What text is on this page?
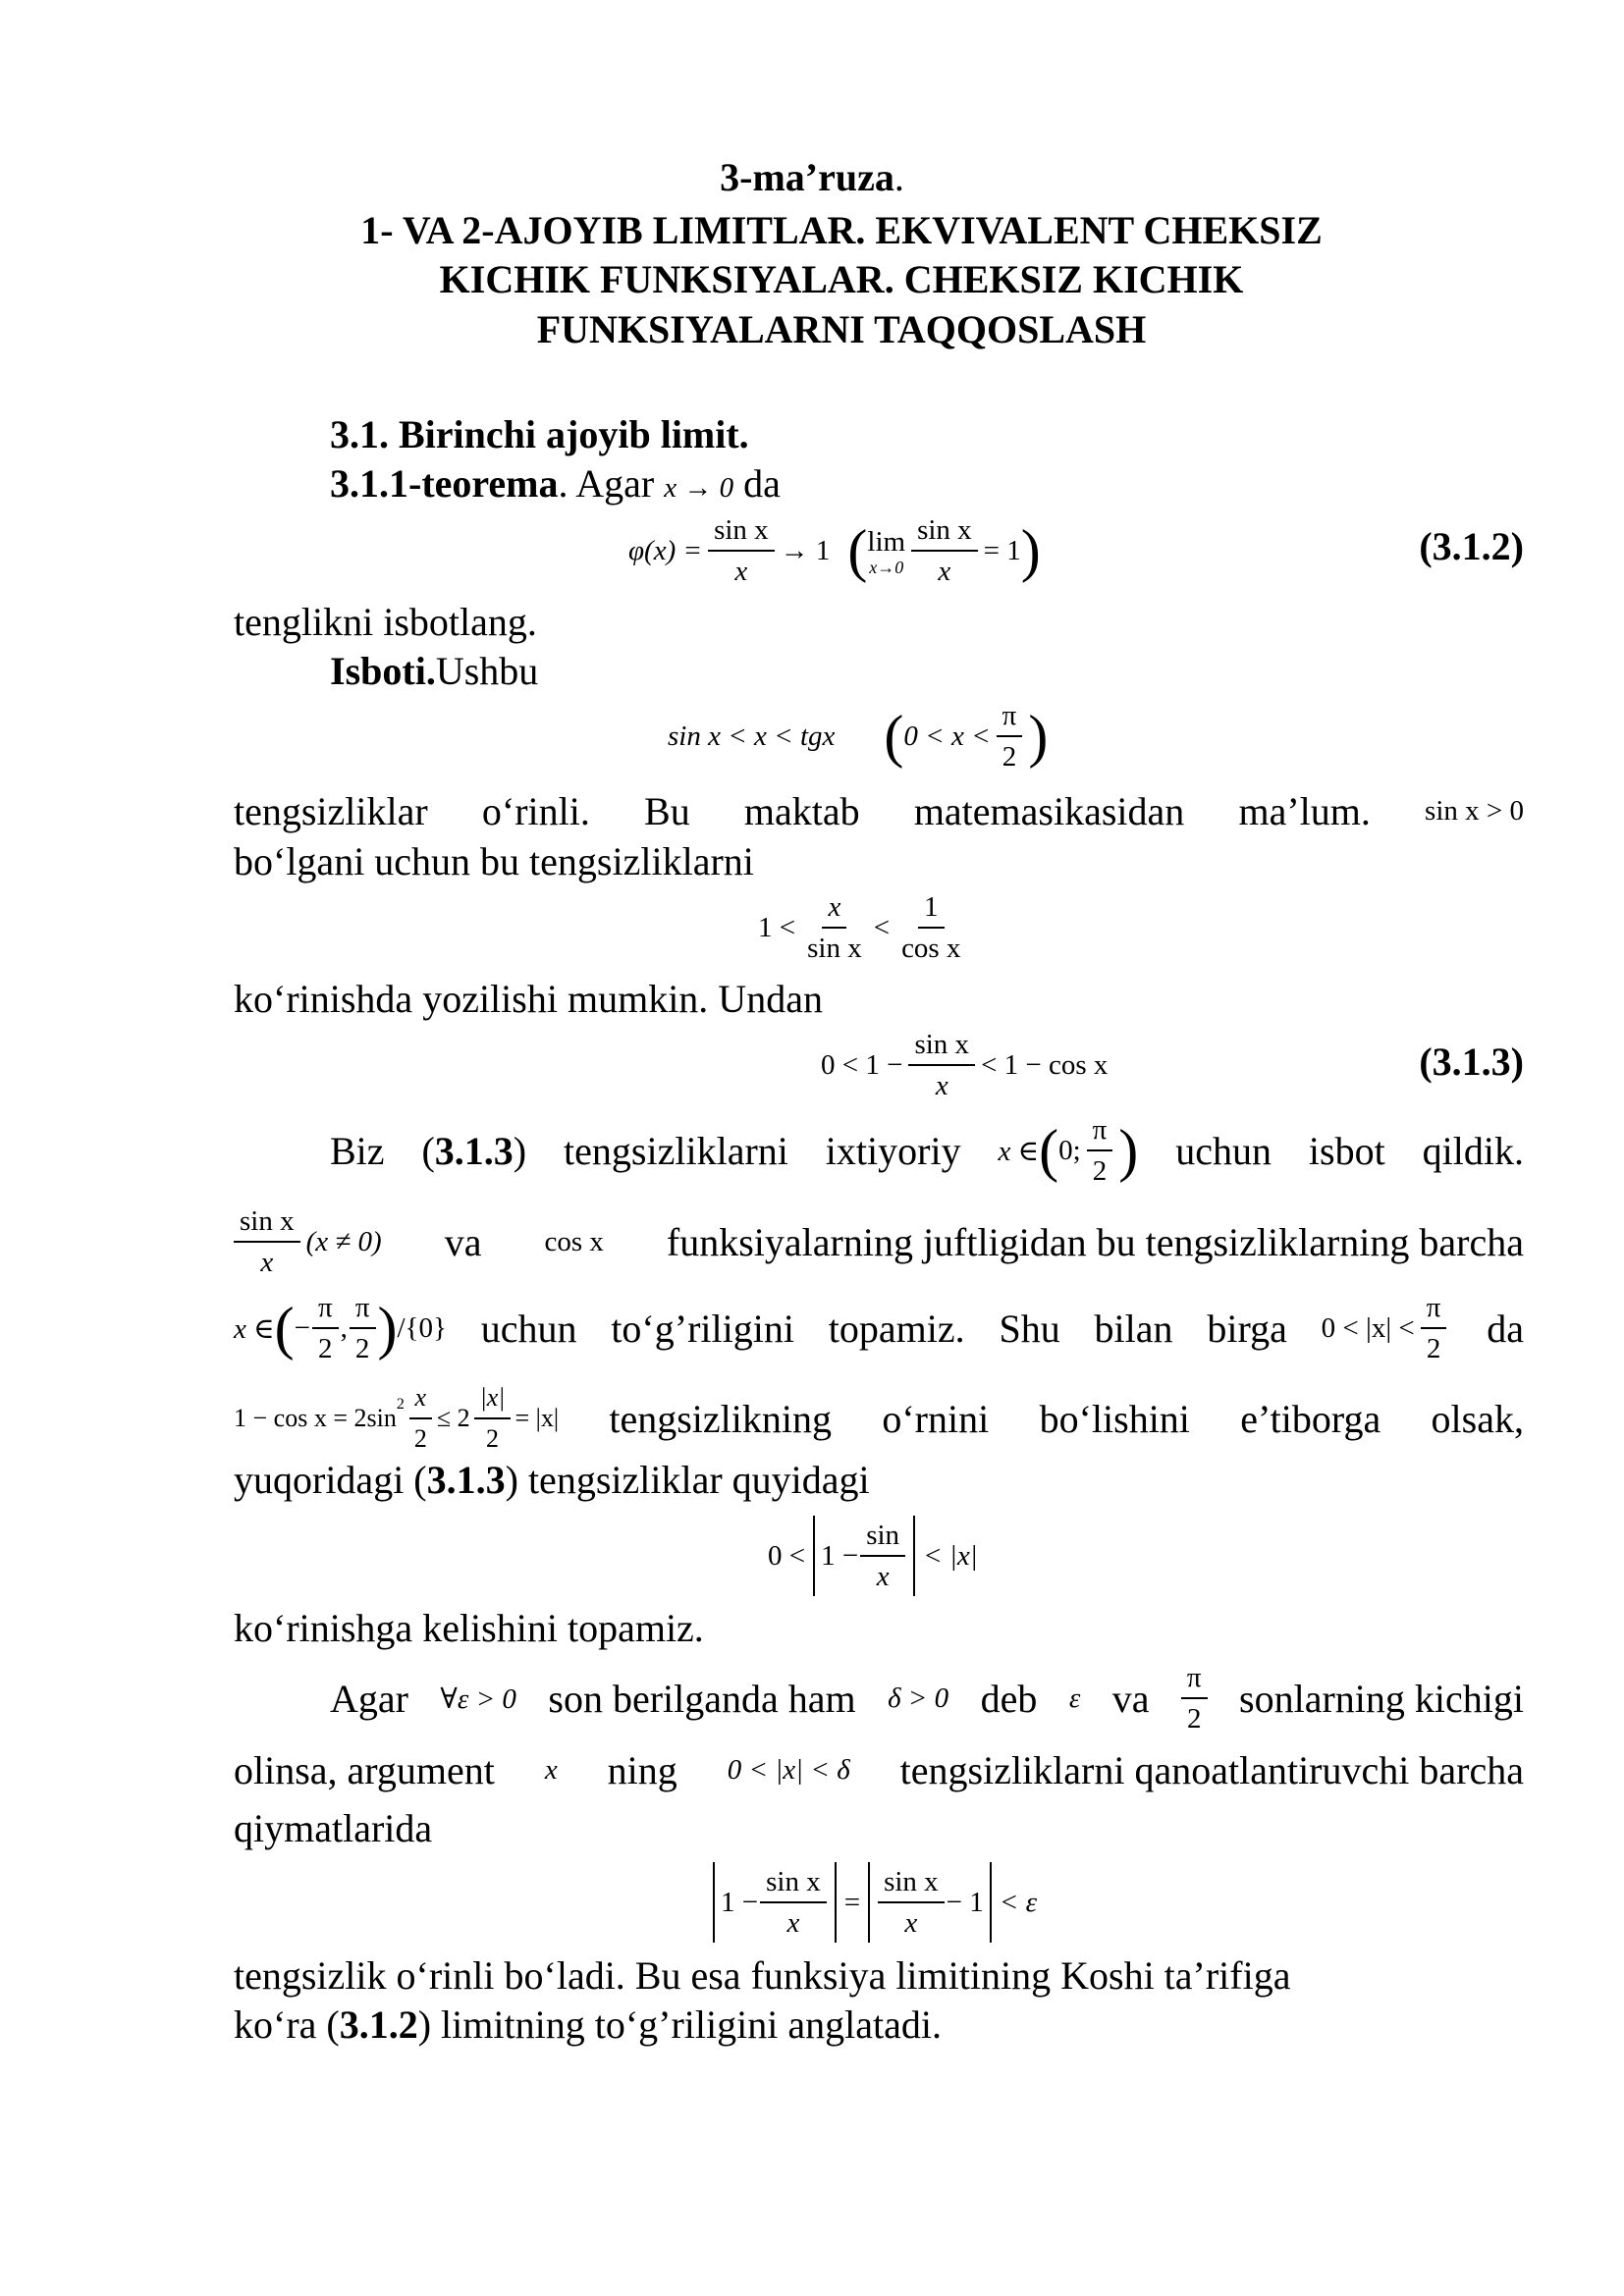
3-ma’ruza.
1- VA 2-AJOYIB LIMITLAR. EKVIVALENT CHEKSIZ
KICHIK FUNKSIYALAR. CHEKSIZ KICHIK
FUNKSIYALARNI TAQQOSLASH
3.1. Birinchi ajoyib limit.
3.1.1-teorema. Agar x → 0 da
$\varphi(x) = \frac{\text{sin x}}{x} \to 1$ ( lim
$x\to 0 \frac{\text{sin x}}{x} = 1$ )	(3.1.2)
tenglikni isbotlang.
Isboti.Ushbu
sin x < x < tgx ( $0 < x < \frac{\pi}{2}$ )
tengsizliklar o‘rinli. Bu maktab matemasikasidan ma’lum. sin x > 0
bo‘lgani uchun bu tengsizliklarni
$1 < \frac{x}{\text{sin x}} < \frac{1}{\text{cos x}}$
ko‘rinishda yozilishi mumkin. Undan
$0 < 1 - \frac{\text{sin x}}{x} < 1 - \cos x$	(3.1.3)
Biz (3.1.3) tengsizliklarni ixtiyoriy x ∈ ( 0; $\frac{\pi}{2}$ ) uchun isbot qildik.
$\frac{\text{sin x}}{x} (x \ne 0)$ va cos x funksiyalarning juftligidan bu tengsizliklarning barcha
x ∈ ( − $\frac{\pi}{2}$ , $\frac{\pi}{2}$ ) /{0} uchun to‘g’riligini topamiz. Shu bilan birga $0 < |x| < \frac{\pi}{2}$ da
$1 - \cos x = 2\sin^2 \frac{x}{2} \le 2 \frac{|x|}{2} = |x|$ tengsizlikning o‘rnini bo‘lishini e’tiborga olsak,
yuqoridagi (3.1.3) tengsizliklar quyidagi
$0 < 1 - \frac{\sin}{x} < |x|$
ko‘rinishga kelishini topamiz.
Agar ∀ε > 0 son berilganda ham δ > 0 deb ε va $\frac{\pi}{2}$ sonlarning kichigi
olinsa, argument x ning 0 < |x| < δ tengsizliklarni qanoatlantiruvchi barcha
qiymatlarida
$1 - \frac{\text{sin x}}{x} = \frac{\text{sin x}}{x} - 1 < \varepsilon$
tengsizlik o‘rinli bo‘ladi. Bu esa funksiya limitining Koshi ta’rifiga
ko‘ra (3.1.2) limitning to‘g’riligini anglatadi.
